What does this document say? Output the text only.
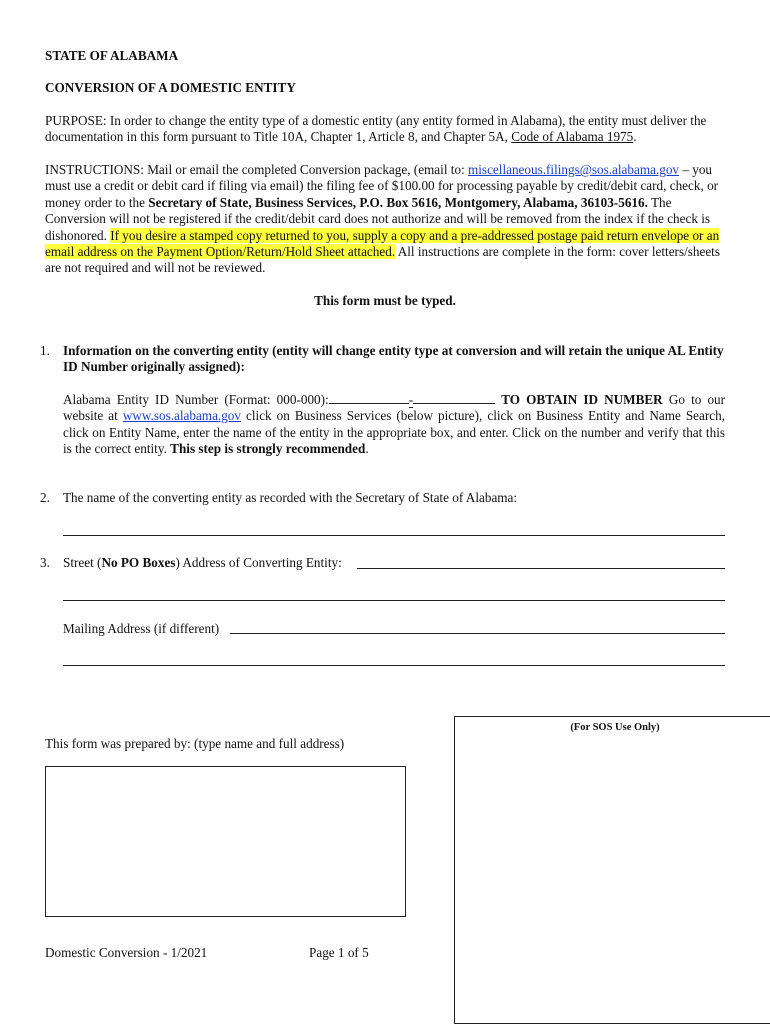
STATE OF ALABAMA
CONVERSION OF A DOMESTIC ENTITY
PURPOSE: In order to change the entity type of a domestic entity (any entity formed in Alabama), the entity must deliver the documentation in this form pursuant to Title 10A, Chapter 1, Article 8, and Chapter 5A, Code of Alabama 1975.
INSTRUCTIONS: Mail or email the completed Conversion package, (email to: miscellaneous.filings@sos.alabama.gov – you must use a credit or debit card if filing via email) the filing fee of $100.00 for processing payable by credit/debit card, check, or money order to the Secretary of State, Business Services, P.O. Box 5616, Montgomery, Alabama, 36103-5616. The Conversion will not be registered if the credit/debit card does not authorize and will be removed from the index if the check is dishonored. If you desire a stamped copy returned to you, supply a copy and a pre-addressed postage paid return envelope or an email address on the Payment Option/Return/Hold Sheet attached. All instructions are complete in the form: cover letters/sheets are not required and will not be reviewed.
This form must be typed.
1. Information on the converting entity (entity will change entity type at conversion and will retain the unique AL Entity ID Number originally assigned):
Alabama Entity ID Number (Format: 000-000):	-	TO OBTAIN ID NUMBER Go to our website at www.sos.alabama.gov click on Business Services (below picture), click on Business Entity and Name Search, click on Entity Name, enter the name of the entity in the appropriate box, and enter. Click on the number and verify that this is the correct entity. This step is strongly recommended.
2. The name of the converting entity as recorded with the Secretary of State of Alabama:
3. Street (No PO Boxes) Address of Converting Entity:
Mailing Address (if different)
This form was prepared by: (type name and full address)
(For SOS Use Only)
Domestic Conversion - 1/2021	Page 1 of 5
